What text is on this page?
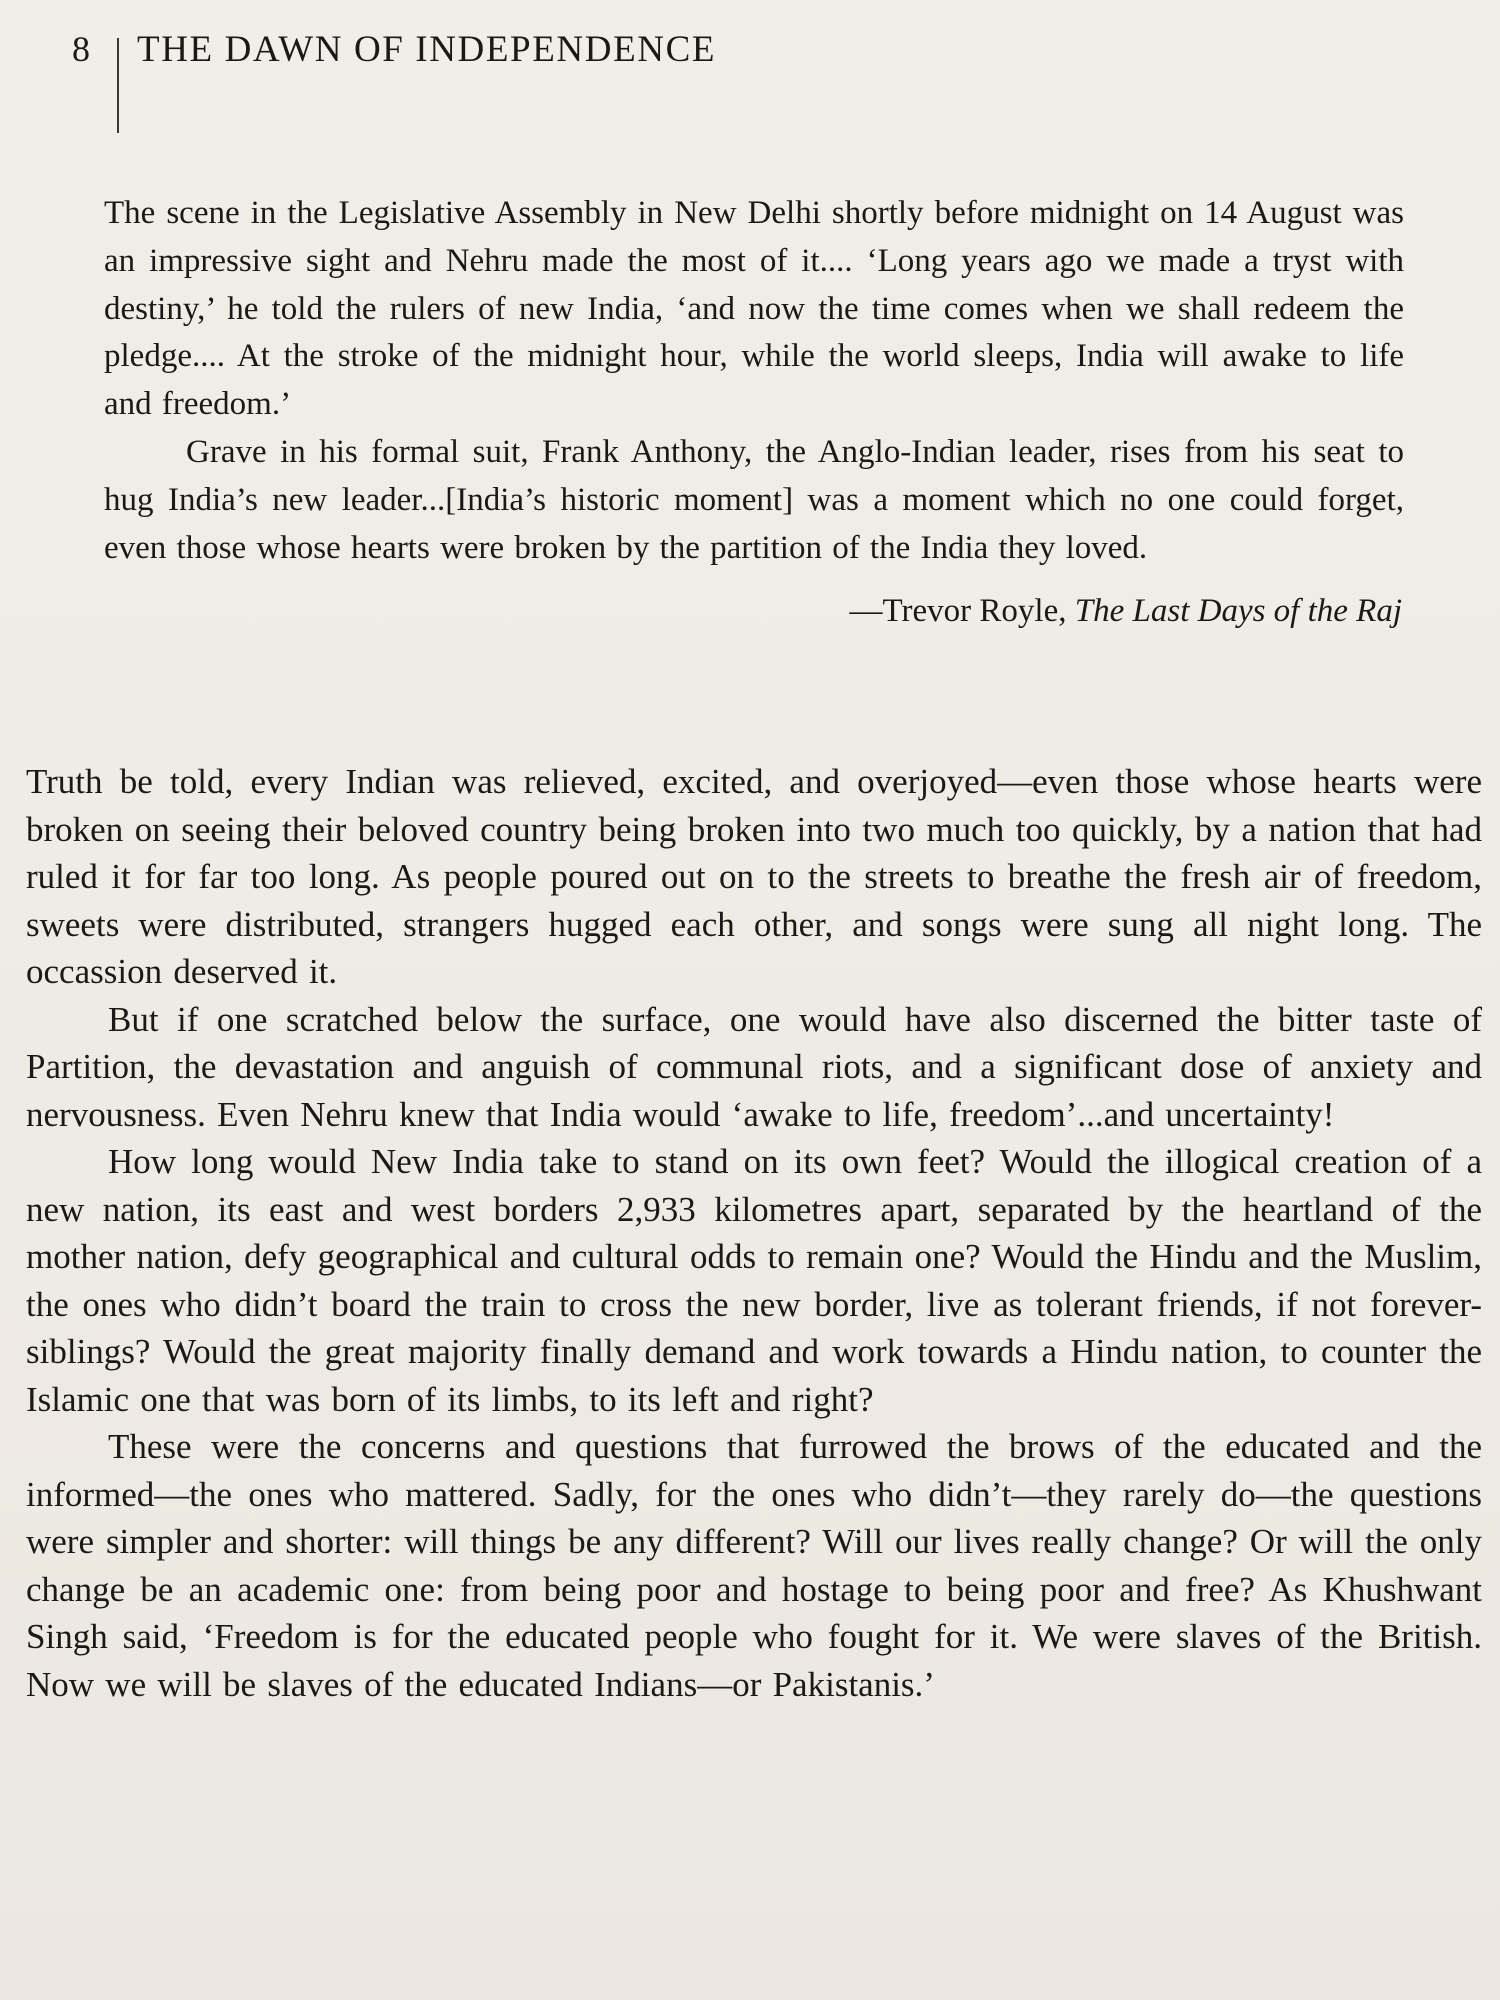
8 THE DAWN OF INDEPENDENCE

The scene in the Legislative Assembly in New Delhi shortly before midnight on 14 August was an impressive sight and Nehru made the most of it.... ‘Long years ago we made a tryst with destiny,’ he told the rulers of new India, ‘and now the time comes when we shall redeem the pledge.... At the stroke of the midnight hour, while the world sleeps, India will awake to life and freedom.’

Grave in his formal suit, Frank Anthony, the Anglo-Indian leader, rises from his seat to hug India’s new leader...[India’s historic moment] was a moment which no one could forget, even those whose hearts were broken by the partition of the India they loved.

—Trevor Royle, The Last Days of the Raj

Truth be told, every Indian was relieved, excited, and overjoyed—even those whose hearts were broken on seeing their beloved country being broken into two much too quickly, by a nation that had ruled it for far too long. As people poured out on to the streets to breathe the fresh air of freedom, sweets were distributed, strangers hugged each other, and songs were sung all night long. The occassion deserved it.

But if one scratched below the surface, one would have also discerned the bitter taste of Partition, the devastation and anguish of communal riots, and a significant dose of anxiety and nervousness. Even Nehru knew that India would ‘awake to life, freedom’...and uncertainty!

How long would New India take to stand on its own feet? Would the illogical creation of a new nation, its east and west borders 2,933 kilometres apart, separated by the heartland of the mother nation, defy geographical and cultural odds to remain one? Would the Hindu and the Muslim, the ones who didn’t board the train to cross the new border, live as tolerant friends, if not forever-siblings? Would the great majority finally demand and work towards a Hindu nation, to counter the Islamic one that was born of its limbs, to its left and right?

These were the concerns and questions that furrowed the brows of the educated and the informed—the ones who mattered. Sadly, for the ones who didn’t—they rarely do—the questions were simpler and shorter: will things be any different? Will our lives really change? Or will the only change be an academic one: from being poor and hostage to being poor and free? As Khushwant Singh said, ‘Freedom is for the educated people who fought for it. We were slaves of the British. Now we will be slaves of the educated Indians—or Pakistanis.’
